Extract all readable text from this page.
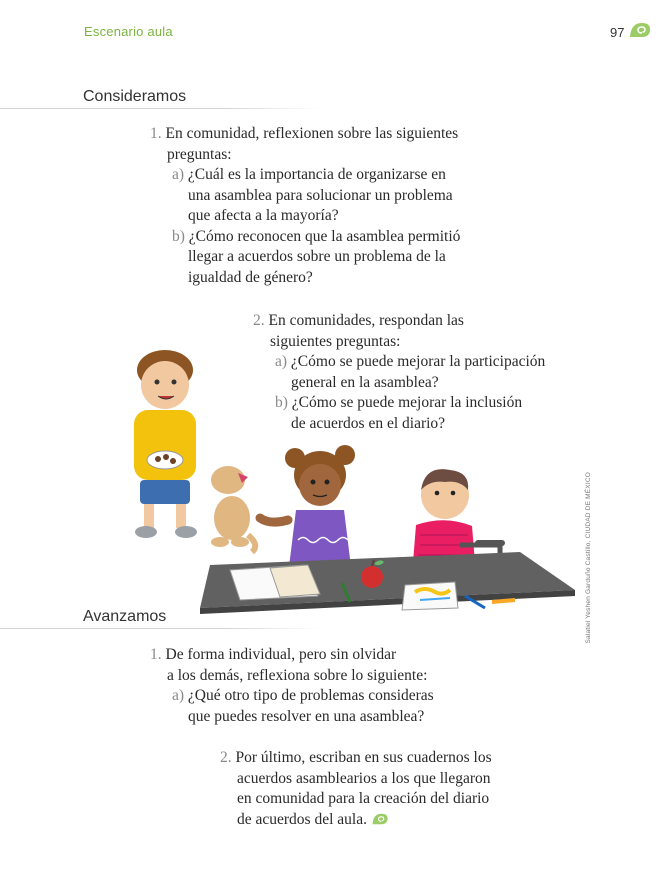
Escenario aula	97
Consideramos
1. En comunidad, reflexionen sobre las siguientes
preguntas:
a) ¿Cuál es la importancia de organizarse en
una asamblea para solucionar un problema
que afecta a la mayoría?
b) ¿Cómo reconocen que la asamblea permitió
llegar a acuerdos sobre un problema de la
igualdad de género?
2. En comunidades, respondan las
siguientes preguntas:
a) ¿Cómo se puede mejorar la participación
general en la asamblea?
b) ¿Cómo se puede mejorar la inclusión
de acuerdos en el diario?
Salatiel Yeshen Garduño Castillo, CIUDAD DE MÉXICO
Avanzamos
1. De forma individual, pero sin olvidar
a los demás, reflexiona sobre lo siguiente:
a) ¿Qué otro tipo de problemas consideras
que puedes resolver en una asamblea?
2. Por último, escriban en sus cuadernos los
acuerdos asamblearios a los que llegaron
en comunidad para la creación del diario
de acuerdos del aula.
